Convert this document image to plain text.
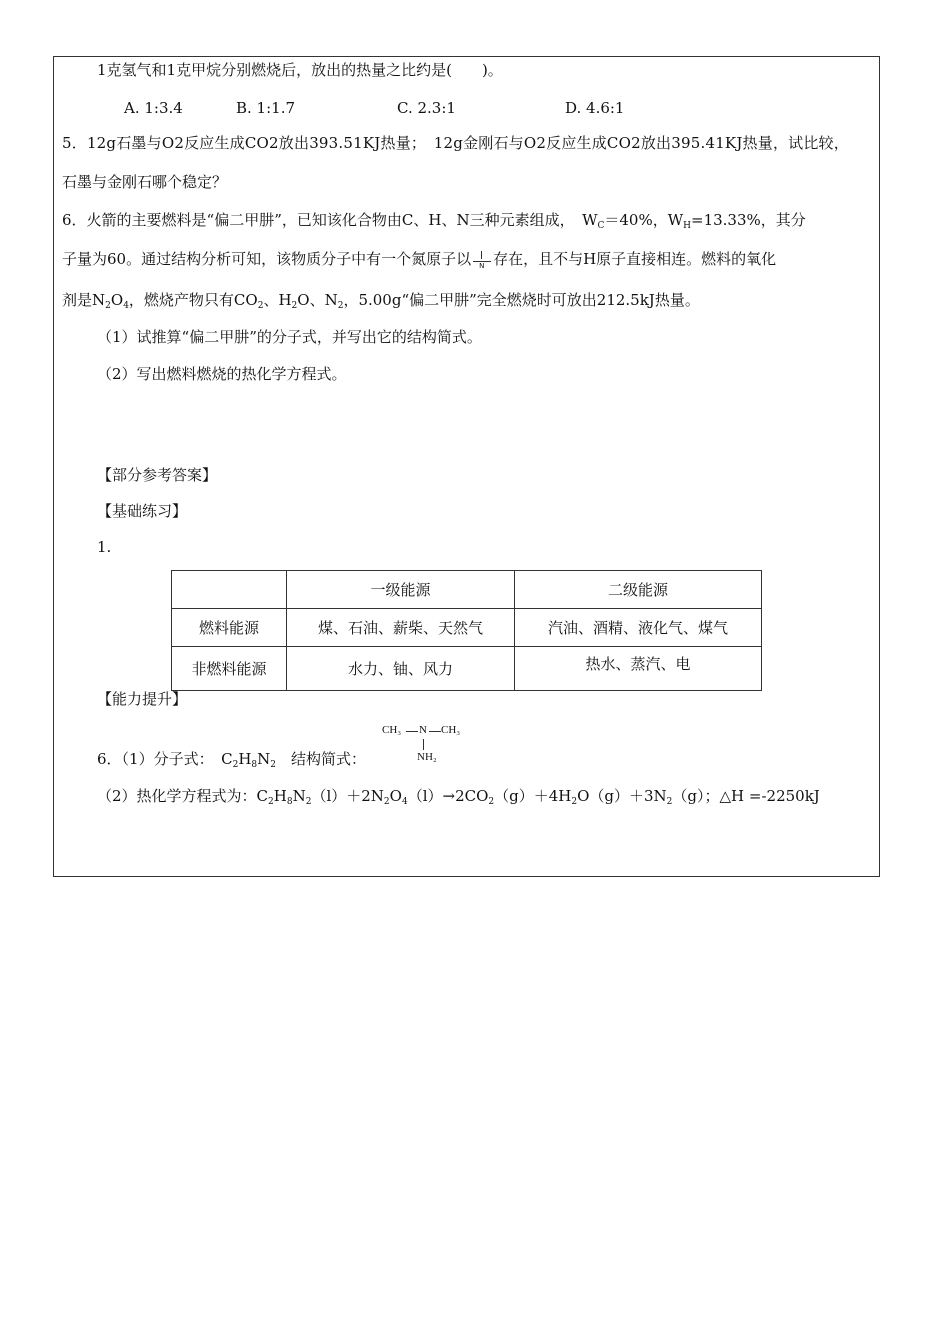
1克氢气和1克甲烷分别燃烧后，放出的热量之比约是(　　)。
A. 1:3.4	B. 1:1.7	C. 2.3:1	D. 4.6:1
5．12g石墨与O2反应生成CO2放出393.51KJ热量；　12g金刚石与O2反应生成CO2放出395.41KJ热量，试比较，
石墨与金刚石哪个稳定？
6．火箭的主要燃料是“偏二甲肼”，已知该化合物由C、H、N三种元素组成，　$W_C=40\%$，$W_H=13.33\%$，其分
子量为60。通过结构分析可知，该物质分子中有一个氮原子以 N 存在，且不与H原子直接相连。燃料的氧化
剂是$N_2O_4$，燃烧产物只有$CO_2$、$H_2O$、$N_2$，5.00g“偏二甲肼”完全燃烧时可放出212.5kJ热量。
（1）试推算“偏二甲肼”的分子式，并写出它的结构简式。
（2）写出燃料燃烧的热化学方程式。
【部分参考答案】
【基础练习】
1.
	一级能源	二级能源
燃料能源	煤、石油、薪柴、天然气	汽油、酒精、液化气、煤气
非燃料能源	水力、铀、风力	热水、蒸汽、电
【能力提升】
CH₃ N CH₃
NH₂
6．（1）分子式：　$C_2H_8N_2$　结构简式：
（2）热化学方程式为：$C_2H_8N_2(l)+2N_2O_4(l)\to 2CO_2(g)+4H_2O(g)+3N_2(g)$；△H =-2250kJ
